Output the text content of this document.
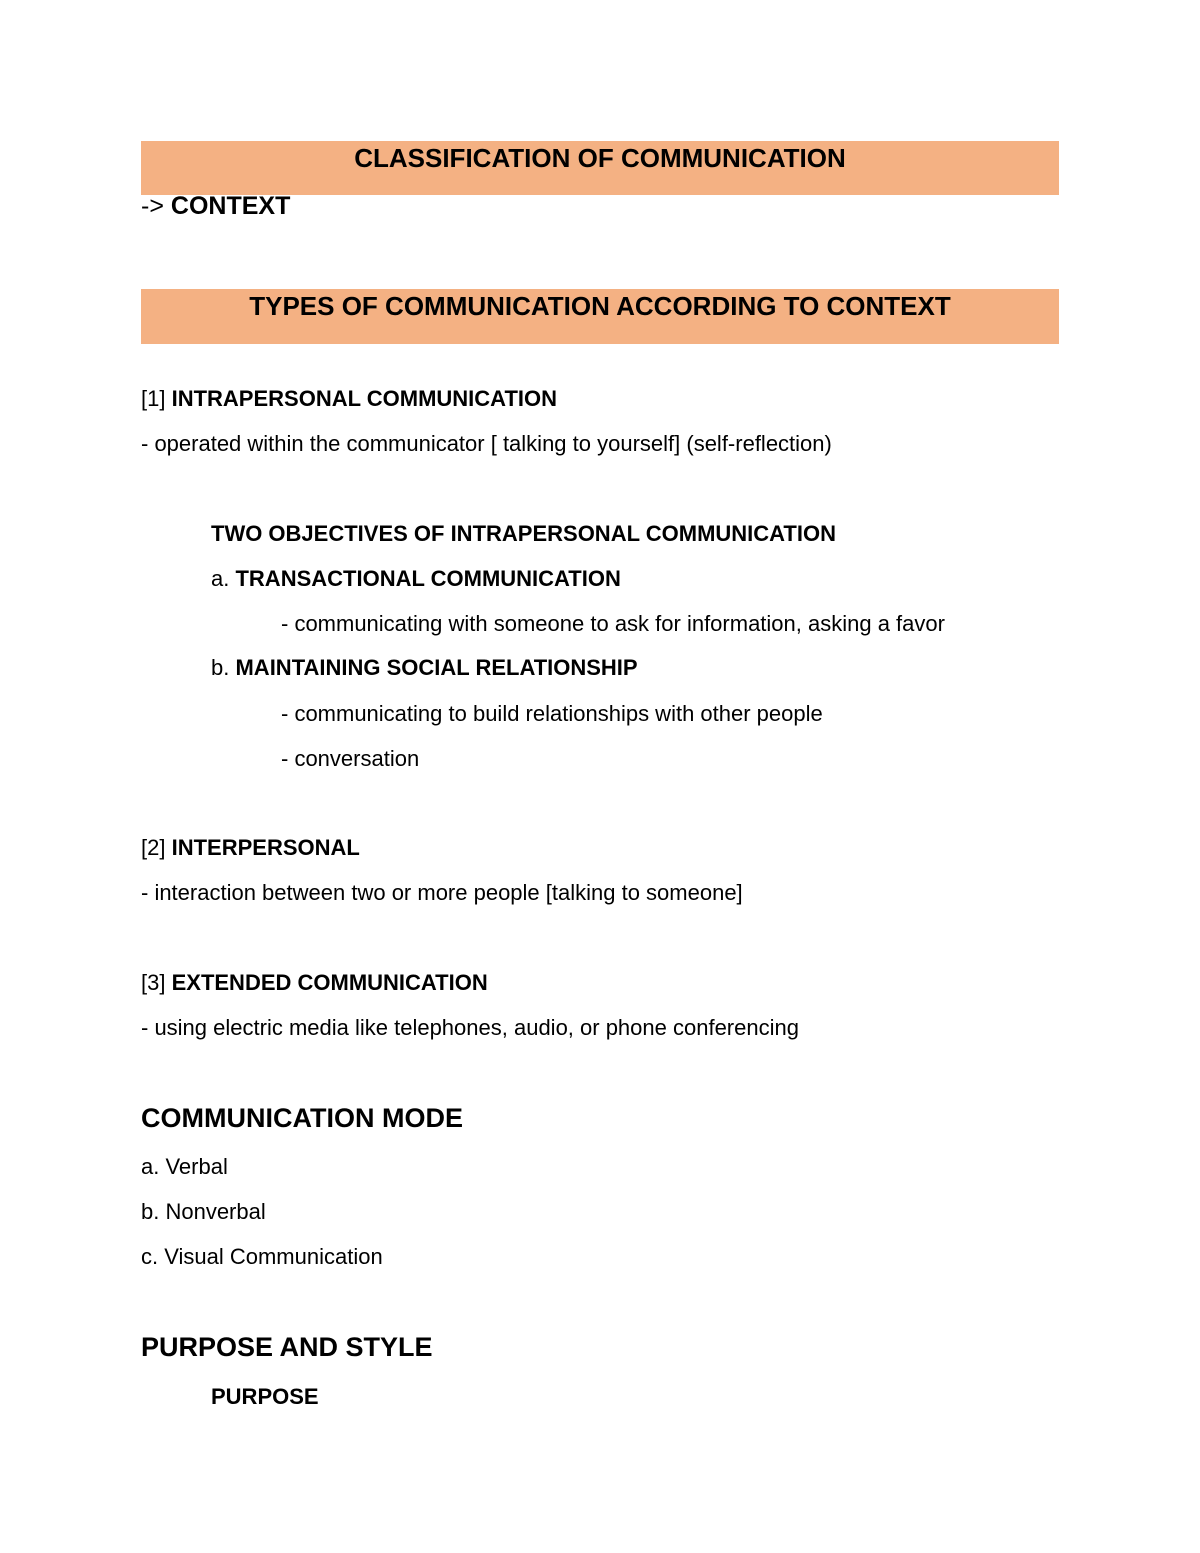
CLASSIFICATION OF COMMUNICATION
-> CONTEXT
TYPES OF COMMUNICATION ACCORDING TO CONTEXT
[1] INTRAPERSONAL COMMUNICATION
- operated within the communicator [ talking to yourself] (self-reflection)
TWO OBJECTIVES OF INTRAPERSONAL COMMUNICATION
a. TRANSACTIONAL COMMUNICATION
- communicating with someone to ask for information, asking a favor
b. MAINTAINING SOCIAL RELATIONSHIP
- communicating to build relationships with other people
- conversation
[2] INTERPERSONAL
- interaction between two or more people [talking to someone]
[3] EXTENDED COMMUNICATION
- using electric media like telephones, audio, or phone conferencing
COMMUNICATION MODE
a. Verbal
b. Nonverbal
c. Visual Communication
PURPOSE AND STYLE
PURPOSE
